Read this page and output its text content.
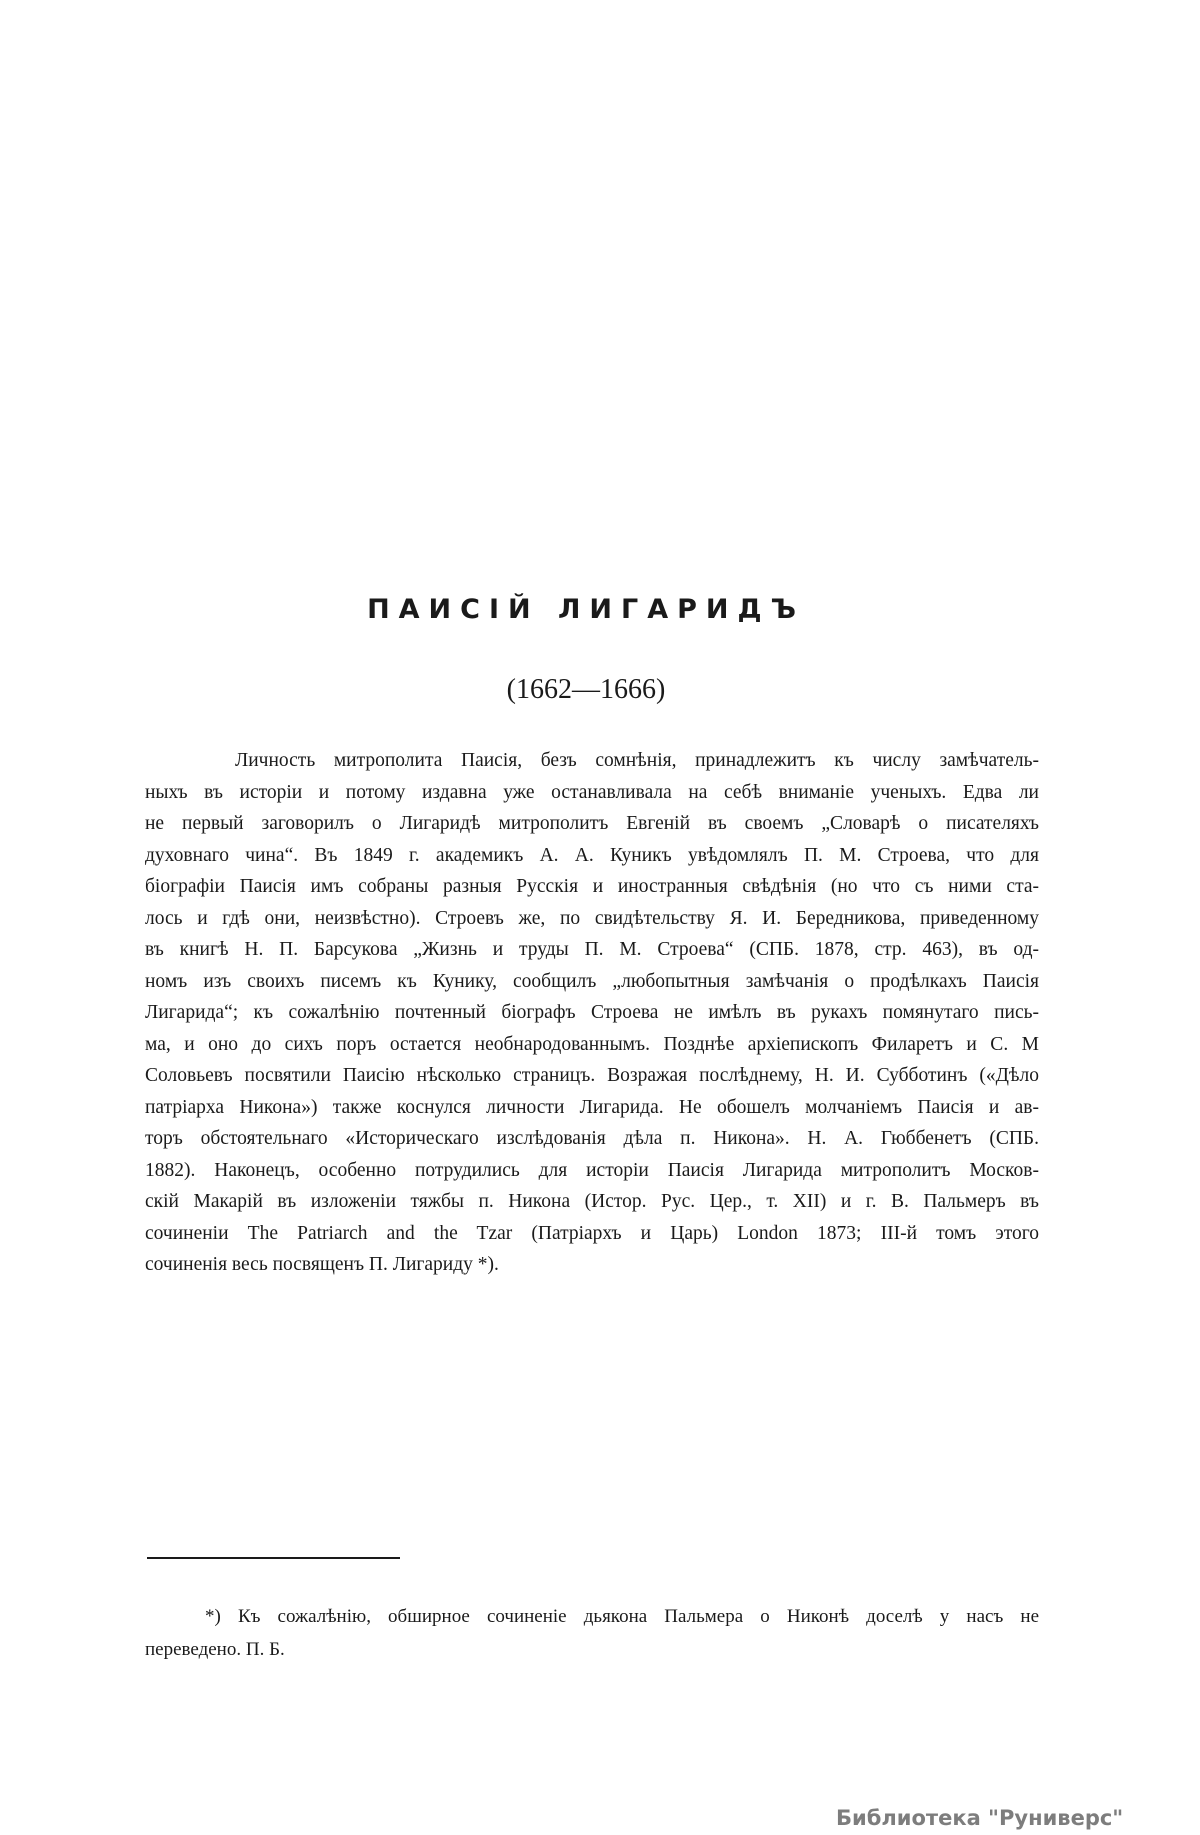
ПАИСІЙ ЛИГАРИДЪ
(1662—1666)
Личность митрополита Паисія, безъ сомнѣнія, принадлежитъ къ числу замѣчатель-
ныхъ въ исторіи и потому издавна уже останавливала на себѣ вниманіе ученыхъ. Едва ли
не первый заговорилъ о Лигаридѣ митрополитъ Евгеній въ своемъ „Словарѣ о писателяхъ
духовнаго чина“. Въ 1849 г. академикъ А. А. Куникъ увѣдомлялъ П. М. Строева, что для
біографіи Паисія имъ собраны разныя Русскія и иностранныя свѣдѣнія (но что съ ними ста-
лось и гдѣ они, неизвѣстно). Строевъ же, по свидѣтельству Я. И. Бередникова, приведенному
въ книгѣ Н. П. Барсукова „Жизнь и труды П. М. Строева“ (СПБ. 1878, стр. 463), въ од-
номъ изъ своихъ писемъ къ Кунику, сообщилъ „любопытныя замѣчанія о продѣлкахъ Паисія
Лигарида“; къ сожалѣнію почтенный біографъ Строева не имѣлъ въ рукахъ помянутаго пись-
ма, и оно до сихъ поръ остается необнародованнымъ. Позднѣе архіепископъ Филаретъ и С. М
Соловьевъ посвятили Паисію нѣсколько страницъ. Возражая послѣднему, Н. И. Субботинъ («Дѣло
патріарха Никона») также коснулся личности Лигарида. Не обошелъ молчаніемъ Паисія и ав-
торъ обстоятельнаго «Историческаго изслѣдованія дѣла п. Никона». Н. А. Гюббенетъ (СПБ.
1882). Наконецъ, особенно потрудились для исторіи Паисія Лигарида митрополитъ Москов-
скій Макарій въ изложеніи тяжбы п. Никона (Истор. Рус. Цер., т. XII) и г. В. Пальмеръ въ
сочиненіи The Patriarch and the Tzar (Патріархъ и Царь) London 1873; III-й томъ этого
сочиненія весь посвященъ П. Лигариду *).
*) Къ сожалѣнію, обширное сочиненіе дьякона Пальмера о Никонѣ доселѣ у насъ не
переведено. П. Б.
Библиотека "Руниверс"
